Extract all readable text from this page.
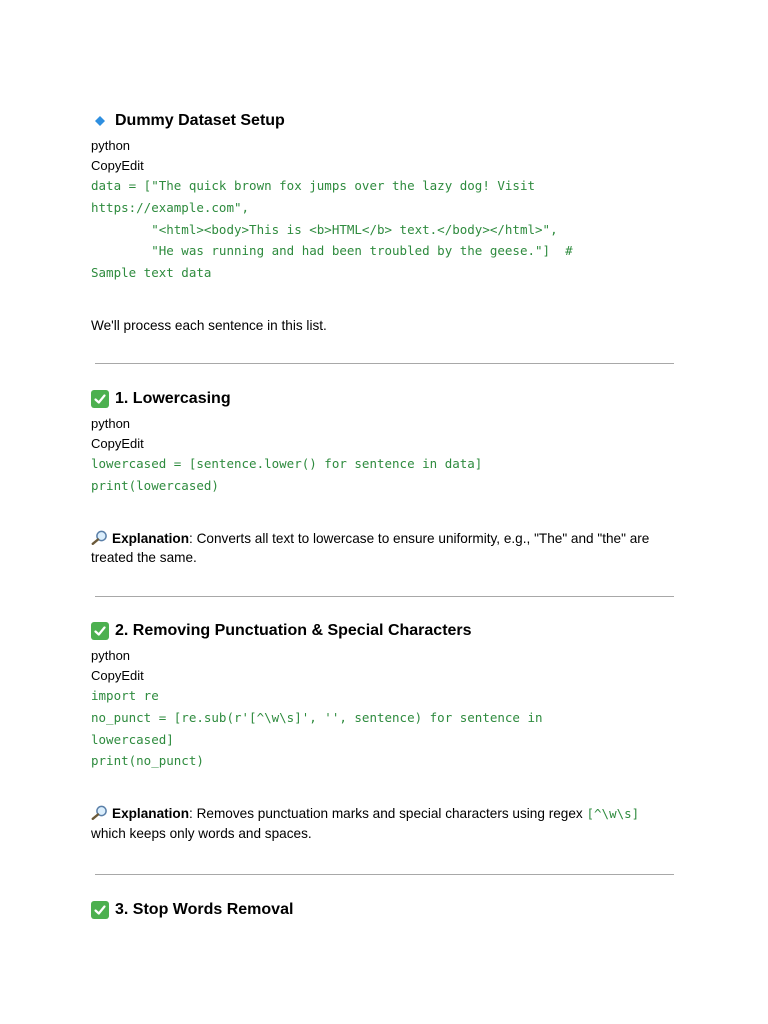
Dummy Dataset Setup
python
CopyEdit
data = ["The quick brown fox jumps over the lazy dog! Visit
https://example.com",
"<html><body>This is <b>HTML</b> text.</body></html>",
"He was running and had been troubled by the geese."]  #
Sample text data

We'll process each sentence in this list.

1. Lowercasing
python
CopyEdit
lowercased = [sentence.lower() for sentence in data]
print(lowercased)

Explanation: Converts all text to lowercase to ensure uniformity, e.g., "The" and "the" are treated the same.

2. Removing Punctuation & Special Characters
python
CopyEdit
import re
no_punct = [re.sub(r'[^\w\s]', '', sentence) for sentence in
lowercased]
print(no_punct)

Explanation: Removes punctuation marks and special characters using regex [^\w\s] which keeps only words and spaces.

3. Stop Words Removal
